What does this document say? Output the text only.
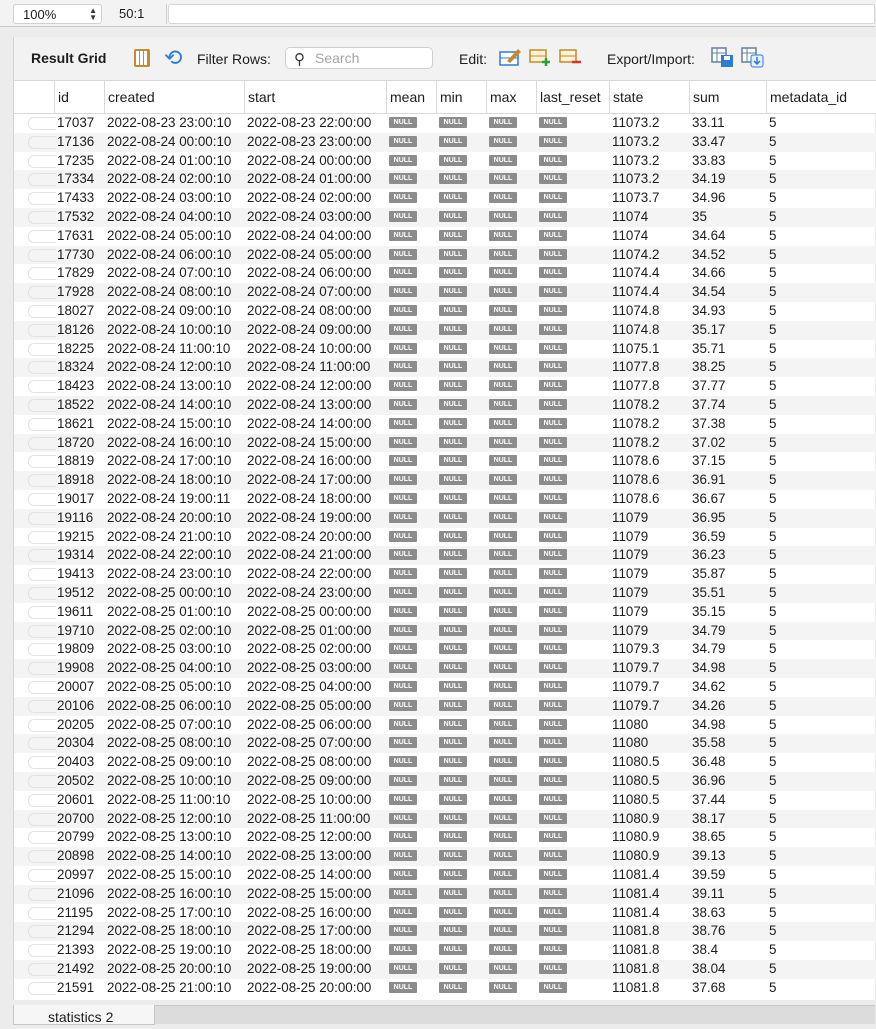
100%	▲
▼	50:1
Result Grid	⟲ Filter Rows: ⚲
Search	Edit:	Export/Import:
id	created	start	mean	min	max	last_reset state	sum	metadata_id
17037 2022-08-23 23:00:10	2022-08-23 22:00:00	NULL	NULL	NULL	NULL	11073.2	33.11	5
17136 2022-08-24 00:00:10	2022-08-23 23:00:00	NULL	NULL	NULL	NULL	11073.2	33.47	5
17235 2022-08-24 01:00:10	2022-08-24 00:00:00	NULL	NULL	NULL	NULL	11073.2	33.83	5
17334 2022-08-24 02:00:10	2022-08-24 01:00:00	NULL	NULL	NULL	NULL	11073.2	34.19	5
17433 2022-08-24 03:00:10	2022-08-24 02:00:00	NULL	NULL	NULL	NULL	11073.7	34.96	5
17532 2022-08-24 04:00:10	2022-08-24 03:00:00	NULL	NULL	NULL	NULL	11074	35	5
17631 2022-08-24 05:00:10	2022-08-24 04:00:00	NULL	NULL	NULL	NULL	11074	34.64	5
17730 2022-08-24 06:00:10	2022-08-24 05:00:00	NULL	NULL	NULL	NULL	11074.2	34.52	5
17829 2022-08-24 07:00:10	2022-08-24 06:00:00	NULL	NULL	NULL	NULL	11074.4	34.66	5
17928 2022-08-24 08:00:10	2022-08-24 07:00:00	NULL	NULL	NULL	NULL	11074.4	34.54	5
18027 2022-08-24 09:00:10	2022-08-24 08:00:00	NULL	NULL	NULL	NULL	11074.8	34.93	5
18126 2022-08-24 10:00:10	2022-08-24 09:00:00	NULL	NULL	NULL	NULL	11074.8	35.17	5
18225 2022-08-24 11:00:10	2022-08-24 10:00:00	NULL	NULL	NULL	NULL	11075.1	35.71	5
18324 2022-08-24 12:00:10	2022-08-24 11:00:00	NULL	NULL	NULL	NULL	11077.8	38.25	5
18423 2022-08-24 13:00:10	2022-08-24 12:00:00	NULL	NULL	NULL	NULL	11077.8	37.77	5
18522 2022-08-24 14:00:10	2022-08-24 13:00:00	NULL	NULL	NULL	NULL	11078.2	37.74	5
18621 2022-08-24 15:00:10	2022-08-24 14:00:00	NULL	NULL	NULL	NULL	11078.2	37.38	5
18720 2022-08-24 16:00:10	2022-08-24 15:00:00	NULL	NULL	NULL	NULL	11078.2	37.02	5
18819 2022-08-24 17:00:10	2022-08-24 16:00:00	NULL	NULL	NULL	NULL	11078.6	37.15	5
18918 2022-08-24 18:00:10	2022-08-24 17:00:00	NULL	NULL	NULL	NULL	11078.6	36.91	5
19017 2022-08-24 19:00:11	2022-08-24 18:00:00	NULL	NULL	NULL	NULL	11078.6	36.67	5
19116	2022-08-24 20:00:10	2022-08-24 19:00:00	NULL	NULL	NULL	NULL	11079	36.95	5
19215 2022-08-24 21:00:10	2022-08-24 20:00:00	NULL	NULL	NULL	NULL	11079	36.59	5
19314 2022-08-24 22:00:10	2022-08-24 21:00:00	NULL	NULL	NULL	NULL	11079	36.23	5
19413 2022-08-24 23:00:10	2022-08-24 22:00:00	NULL	NULL	NULL	NULL	11079	35.87	5
19512 2022-08-25 00:00:10	2022-08-24 23:00:00	NULL	NULL	NULL	NULL	11079	35.51	5
19611	2022-08-25 01:00:10	2022-08-25 00:00:00	NULL	NULL	NULL	NULL	11079	35.15	5
19710 2022-08-25 02:00:10	2022-08-25 01:00:00	NULL	NULL	NULL	NULL	11079	34.79	5
19809 2022-08-25 03:00:10	2022-08-25 02:00:00	NULL	NULL	NULL	NULL	11079.3	34.79	5
19908 2022-08-25 04:00:10	2022-08-25 03:00:00	NULL	NULL	NULL	NULL	11079.7	34.98	5
20007 2022-08-25 05:00:10	2022-08-25 04:00:00	NULL	NULL	NULL	NULL	11079.7	34.62	5
20106 2022-08-25 06:00:10	2022-08-25 05:00:00	NULL	NULL	NULL	NULL	11079.7	34.26	5
20205 2022-08-25 07:00:10	2022-08-25 06:00:00	NULL	NULL	NULL	NULL	11080	34.98	5
20304 2022-08-25 08:00:10	2022-08-25 07:00:00	NULL	NULL	NULL	NULL	11080	35.58	5
20403 2022-08-25 09:00:10	2022-08-25 08:00:00	NULL	NULL	NULL	NULL	11080.5	36.48	5
20502 2022-08-25 10:00:10	2022-08-25 09:00:00	NULL	NULL	NULL	NULL	11080.5	36.96	5
20601 2022-08-25 11:00:10	2022-08-25 10:00:00	NULL	NULL	NULL	NULL	11080.5	37.44	5
20700 2022-08-25 12:00:10	2022-08-25 11:00:00	NULL	NULL	NULL	NULL	11080.9	38.17	5
20799 2022-08-25 13:00:10	2022-08-25 12:00:00	NULL	NULL	NULL	NULL	11080.9	38.65	5
20898 2022-08-25 14:00:10	2022-08-25 13:00:00	NULL	NULL	NULL	NULL	11080.9	39.13	5
20997 2022-08-25 15:00:10	2022-08-25 14:00:00	NULL	NULL	NULL	NULL	11081.4	39.59	5
21096 2022-08-25 16:00:10	2022-08-25 15:00:00	NULL	NULL	NULL	NULL	11081.4	39.11	5
21195	2022-08-25 17:00:10	2022-08-25 16:00:00	NULL	NULL	NULL	NULL	11081.4	38.63	5
21294 2022-08-25 18:00:10	2022-08-25 17:00:00	NULL	NULL	NULL	NULL	11081.8	38.76	5
21393 2022-08-25 19:00:10	2022-08-25 18:00:00	NULL	NULL	NULL	NULL	11081.8	38.4	5
21492 2022-08-25 20:00:10	2022-08-25 19:00:00	NULL	NULL	NULL	NULL	11081.8	38.04	5
21591 2022-08-25 21:00:10	2022-08-25 20:00:00	NULL	NULL	NULL	NULL	11081.8	37.68	5
statistics 2
